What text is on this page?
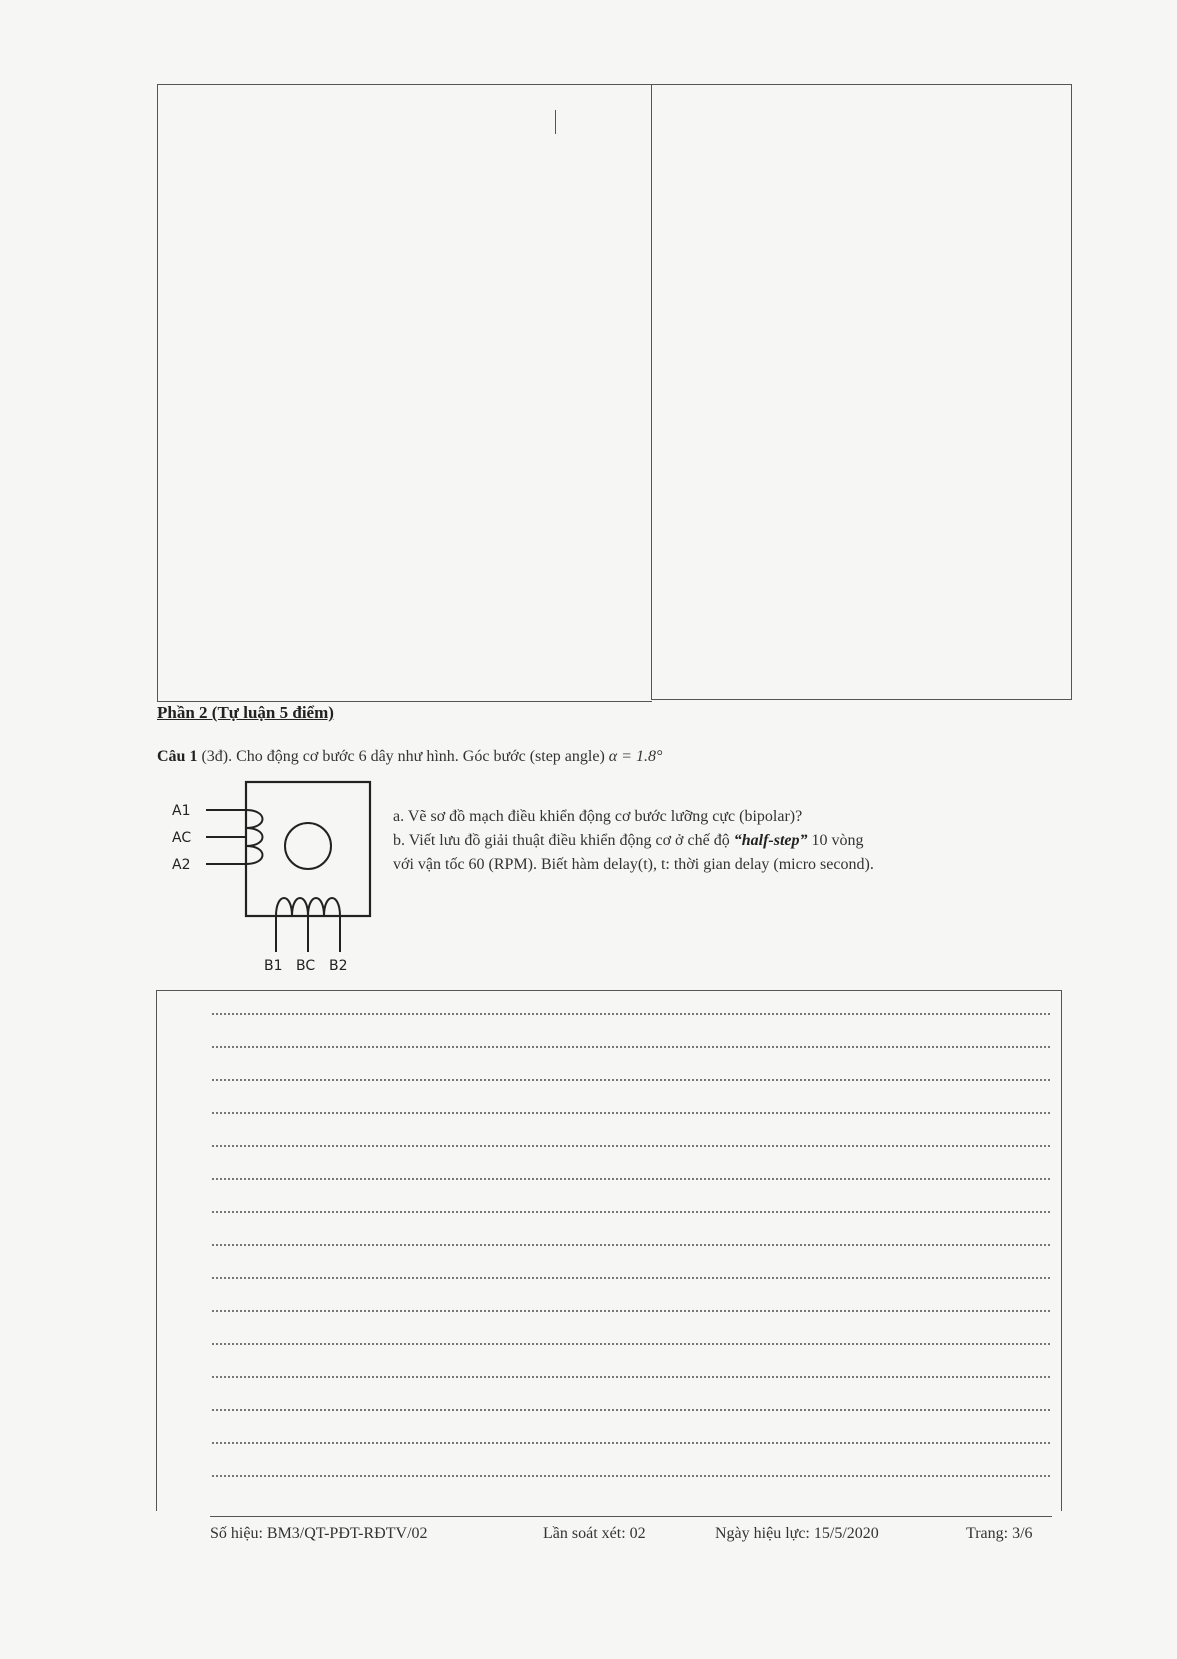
Phần 2 (Tự luận 5 điểm)
Câu 1 (3đ). Cho động cơ bước 6 dây như hình. Góc bước (step angle) α = 1.8°
A1
AC
A2
B1 BC B2
a. Vẽ sơ đồ mạch điều khiển động cơ bước lưỡng cực (bipolar)?
b. Viết lưu đồ giải thuật điều khiển động cơ ở chế độ “half-step” 10 vòng
với vận tốc 60 (RPM). Biết hàm delay(t), t: thời gian delay (micro second).
Số hiệu: BM3/QT-PĐT-RĐTV/02	Lần soát xét: 02	Ngày hiệu lực: 15/5/2020	Trang: 3/6
